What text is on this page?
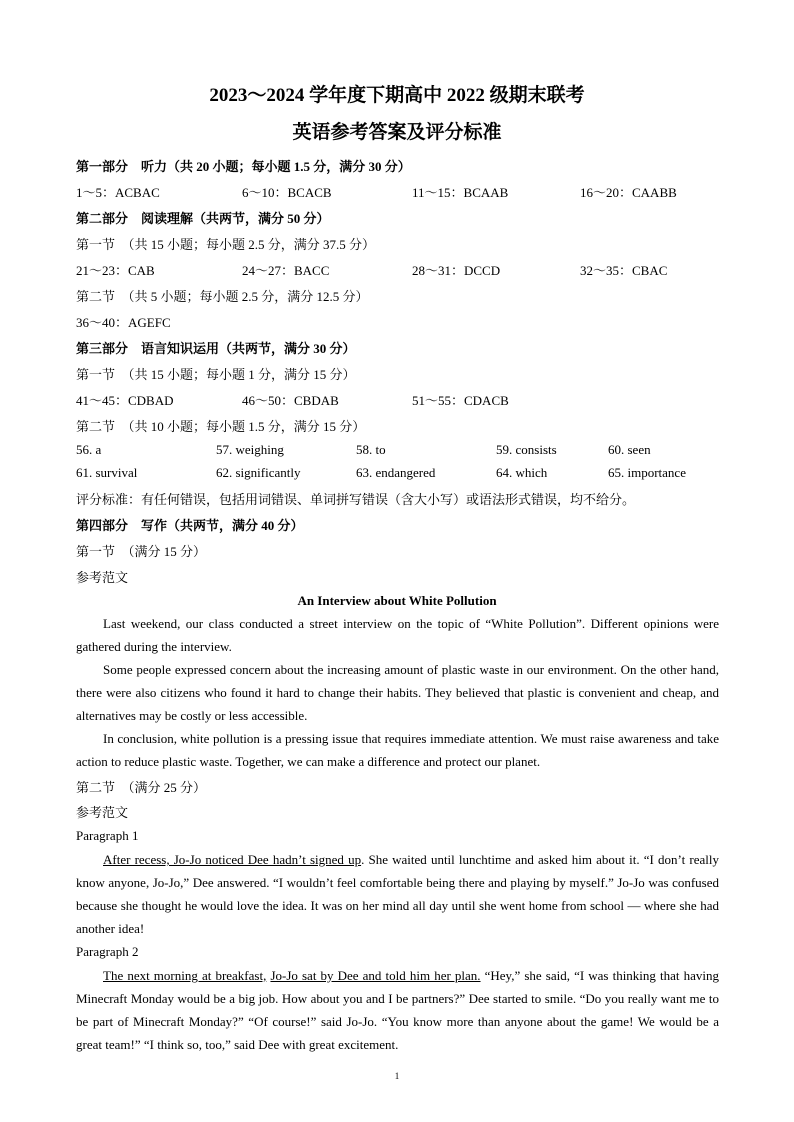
2023～2024 学年度下期高中 2022 级期末联考
英语参考答案及评分标准
第一部分　听力（共 20 小题；每小题 1.5 分，满分 30 分）
1～5：ACBAC	6～10：BCACB	11～15：BCAAB	16～20：CAABB
第二部分　阅读理解（共两节，满分 50 分）
第一节　（共 15 小题；每小题 2.5 分，满分 37.5 分）
21～23：CAB	24～27：BACC	28～31：DCCD	32～35：CBAC
第二节　（共 5 小题；每小题 2.5 分，满分 12.5 分）
36～40：AGEFC
第三部分　语言知识运用（共两节，满分 30 分）
第一节　（共 15 小题；每小题 1 分，满分 15 分）
41～45：CDBAD	46～50：CBDAB	51～55：CDACB
第二节　（共 10 小题；每小题 1.5 分，满分 15 分）
56. a	57. weighing	58. to	59. consists	60. seen
61. survival	62. significantly	63. endangered	64. which	65. importance
评分标准：有任何错误，包括用词错误、单词拼写错误（含大小写）或语法形式错误，均不给分。
第四部分　写作（共两节，满分 40 分）
第一节　（满分 15 分）
参考范文
An Interview about White Pollution
Last weekend, our class conducted a street interview on the topic of “White Pollution”. Different opinions were gathered during the interview.
Some people expressed concern about the increasing amount of plastic waste in our environment. On the other hand, there were also citizens who found it hard to change their habits. They believed that plastic is convenient and cheap, and alternatives may be costly or less accessible.
In conclusion, white pollution is a pressing issue that requires immediate attention. We must raise awareness and take action to reduce plastic waste. Together, we can make a difference and protect our planet.
第二节　（满分 25 分）
参考范文
Paragraph 1
After recess, Jo-Jo noticed Dee hadn’t signed up. She waited until lunchtime and asked him about it. “I don’t really know anyone, Jo-Jo,” Dee answered. “I wouldn’t feel comfortable being there and playing by myself.” Jo-Jo was confused because she thought he would love the idea. It was on her mind all day until she went home from school — where she had another idea!
Paragraph 2
The next morning at breakfast, Jo-Jo sat by Dee and told him her plan. “Hey,” she said, “I was thinking that having Minecraft Monday would be a big job. How about you and I be partners?” Dee started to smile. “Do you really want me to be part of Minecraft Monday?” “Of course!” said Jo-Jo. “You know more than anyone about the game! We would be a great team!” “I think so, too,” said Dee with great excitement.
1
